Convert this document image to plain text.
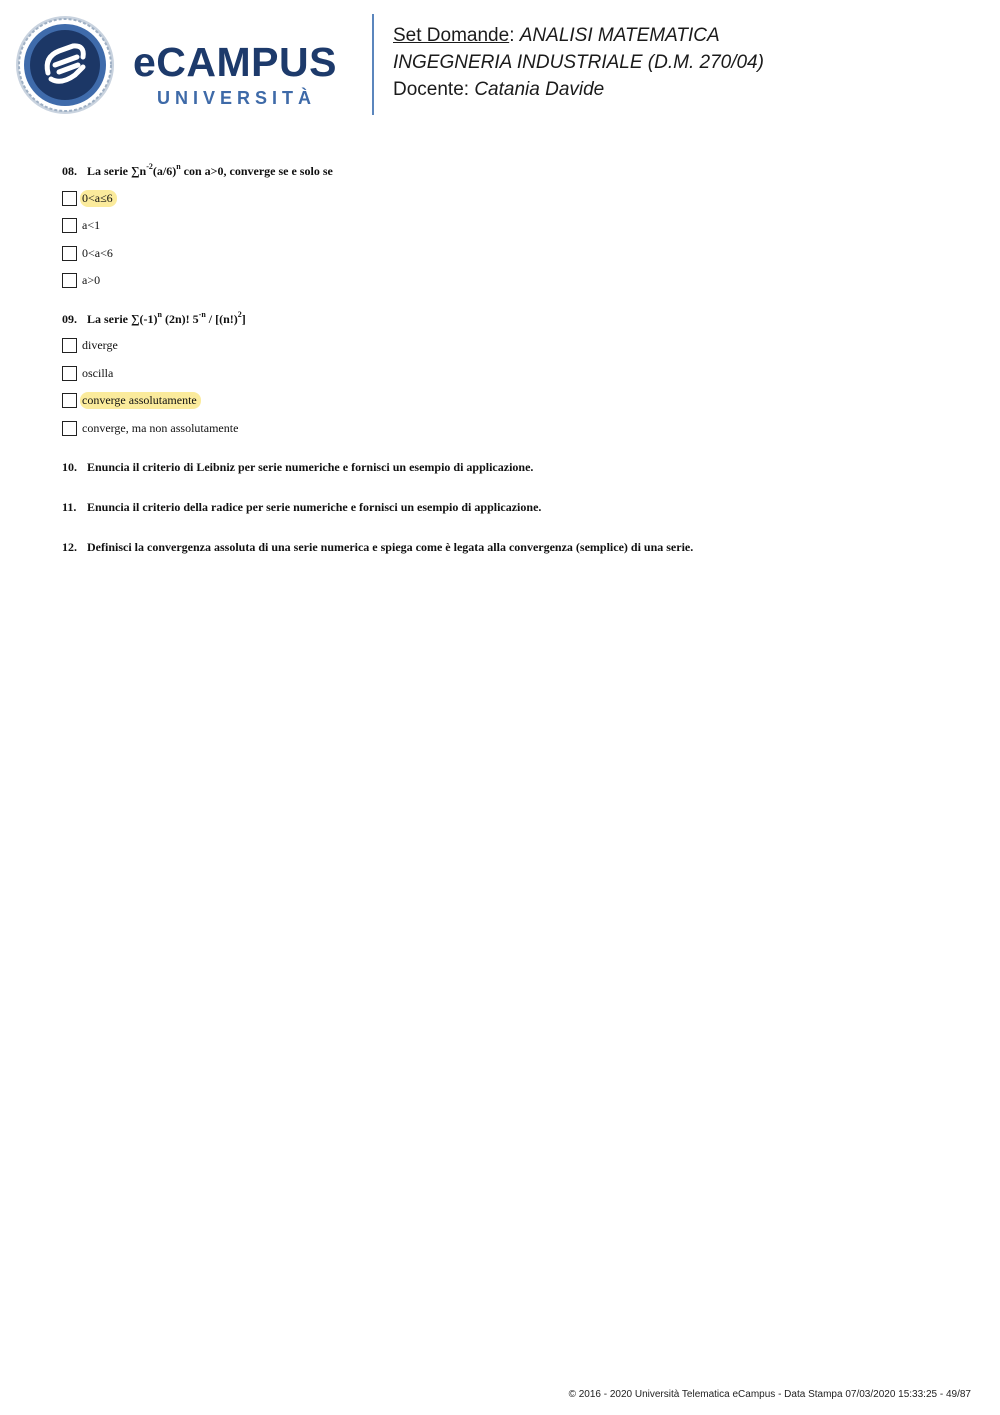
eCAMPUS
UNIVERSITÀ
Set Domande: ANALISI MATEMATICA
INGEGNERIA INDUSTRIALE (D.M. 270/04)
Docente: Catania Davide
08. La serie $\sum n^{-2}(a/6)^n$ con a>0, converge se e solo se
0<a≤6
a<1
0<a<6
a>0
09. La serie $\sum(-1)^n$ (2n)! $5^{-n} / [(n!)^2]$
diverge
oscilla
converge assolutamente
converge, ma non assolutamente
10. Enuncia il criterio di Leibniz per serie numeriche e fornisci un esempio di applicazione.
11. Enuncia il criterio della radice per serie numeriche e fornisci un esempio di applicazione.
12. Definisci la convergenza assoluta di una serie numerica e spiega come è legata alla convergenza (semplice) di una serie.
© 2016 - 2020 Università Telematica eCampus - Data Stampa 07/03/2020 15:33:25 - 49/87
